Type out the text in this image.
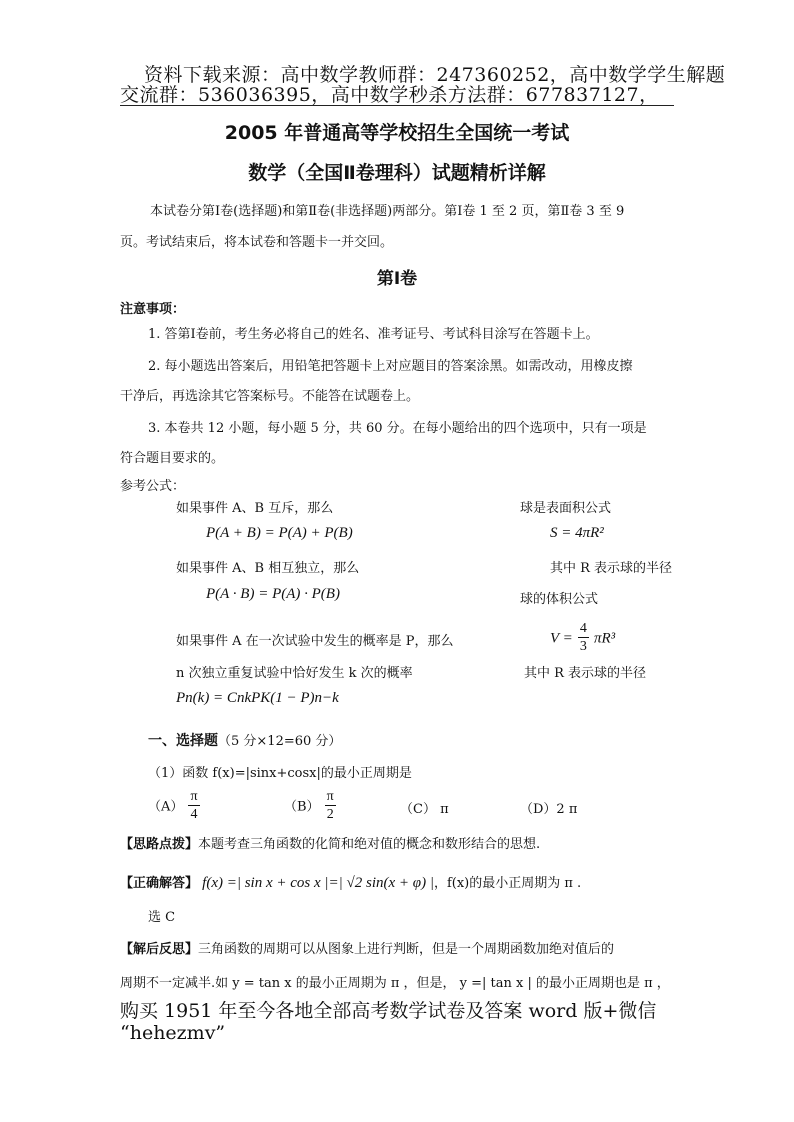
资料下载来源：高中数学教师群：247360252，高中数学学生解题
交流群：536036395，高中数学秒杀方法群：677837127，
2005 年普通高等学校招生全国统一考试
数学（全国Ⅱ卷理科）试题精析详解
本试卷分第Ⅰ卷(选择题)和第Ⅱ卷(非选择题)两部分。第Ⅰ卷 1 至 2 页，第Ⅱ卷 3 至 9
页。考试结束后，将本试卷和答题卡一并交回。
第Ⅰ卷
注意事项：
1. 答第Ⅰ卷前，考生务必将自己的姓名、准考证号、考试科目涂写在答题卡上。
2. 每小题选出答案后，用铅笔把答题卡上对应题目的答案涂黑。如需改动，用橡皮擦
干净后，再选涂其它答案标号。不能答在试题卷上。
3. 本卷共 12 小题，每小题 5 分，共 60 分。在每小题给出的四个选项中，只有一项是
符合题目要求的。
参考公式：
如果事件 A、B 互斥，那么
P(A + B) = P(A) + P(B)
如果事件 A、B 相互独立，那么
P(A · B) = P(A) · P(B)
如果事件 A 在一次试验中发生的概率是 P，那么
n 次独立重复试验中恰好发生 k 次的概率
Pn(k) = CnkPK(1 − P)n−k
球是表面积公式
S = 4πR²
其中 R 表示球的半径
球的体积公式
$V = \frac{4}{3} \pi R^3$
其中 R 表示球的半径
一、选择题（5 分×12=60 分）
（1）函数 f(x)=|sinx+cosx|的最小正周期是
$(A) \frac{\pi}{4}$	$(B) \frac{\pi}{2}$	（C） π	（D）2 π
【思路点拨】本题考查三角函数的化简和绝对值的概念和数形结合的思想.
【正确解答】 f(x) =| sin x + cos x |=| √2 sin(x + φ) |，f(x)的最小正周期为 π .
选 C
【解后反思】三角函数的周期可以从图象上进行判断，但是一个周期函数加绝对值后的
周期不一定减半.如 y = tan x 的最小正周期为 π ，但是， y =| tan x | 的最小正周期也是 π ，
购买 1951 年至今各地全部高考数学试卷及答案 word 版+微信
“hehezmv”
